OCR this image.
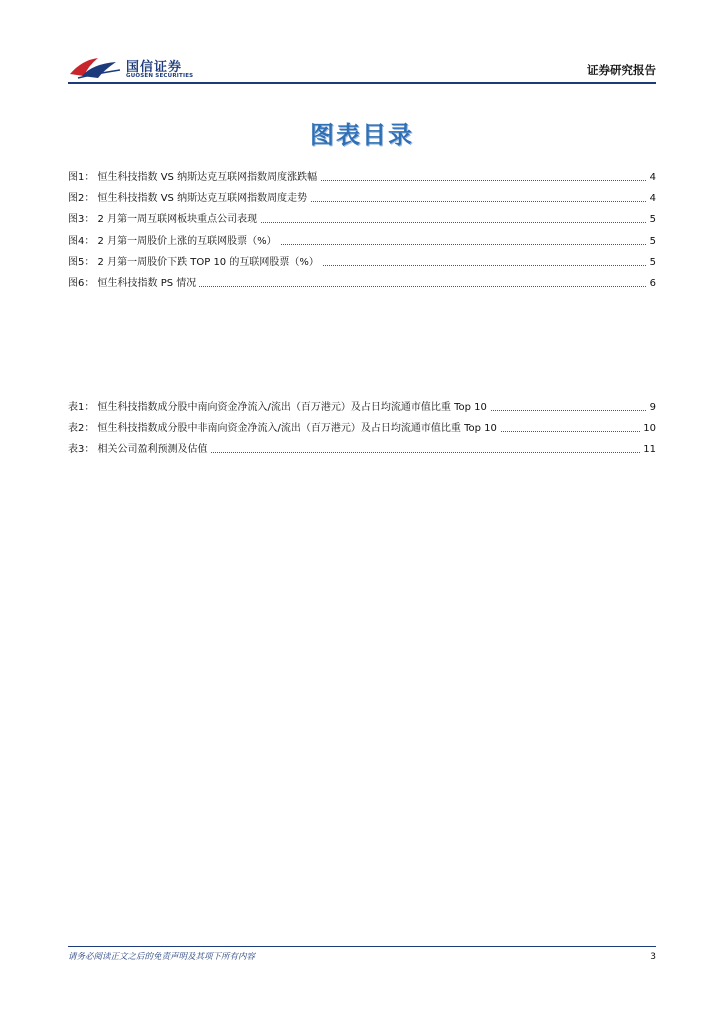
国信证券
GUOSEN SECURITIES	证券研究报告
图表目录
图1： 恒生科技指数 VS 纳斯达克互联网指数周度涨跌幅	4
图2： 恒生科技指数 VS 纳斯达克互联网指数周度走势	4
图3： 2 月第一周互联网板块重点公司表现	5
图4： 2 月第一周股价上涨的互联网股票（%）	5
图5： 2 月第一周股价下跌 TOP 10 的互联网股票（%）	5
图6： 恒生科技指数 PS 情况	6
表1： 恒生科技指数成分股中南向资金净流入/流出（百万港元）及占日均流通市值比重 Top 10	9
表2： 恒生科技指数成分股中非南向资金净流入/流出（百万港元）及占日均流通市值比重 Top 10	10
表3： 相关公司盈利预测及估值	11
请务必阅读正文之后的免责声明及其项下所有内容	3
